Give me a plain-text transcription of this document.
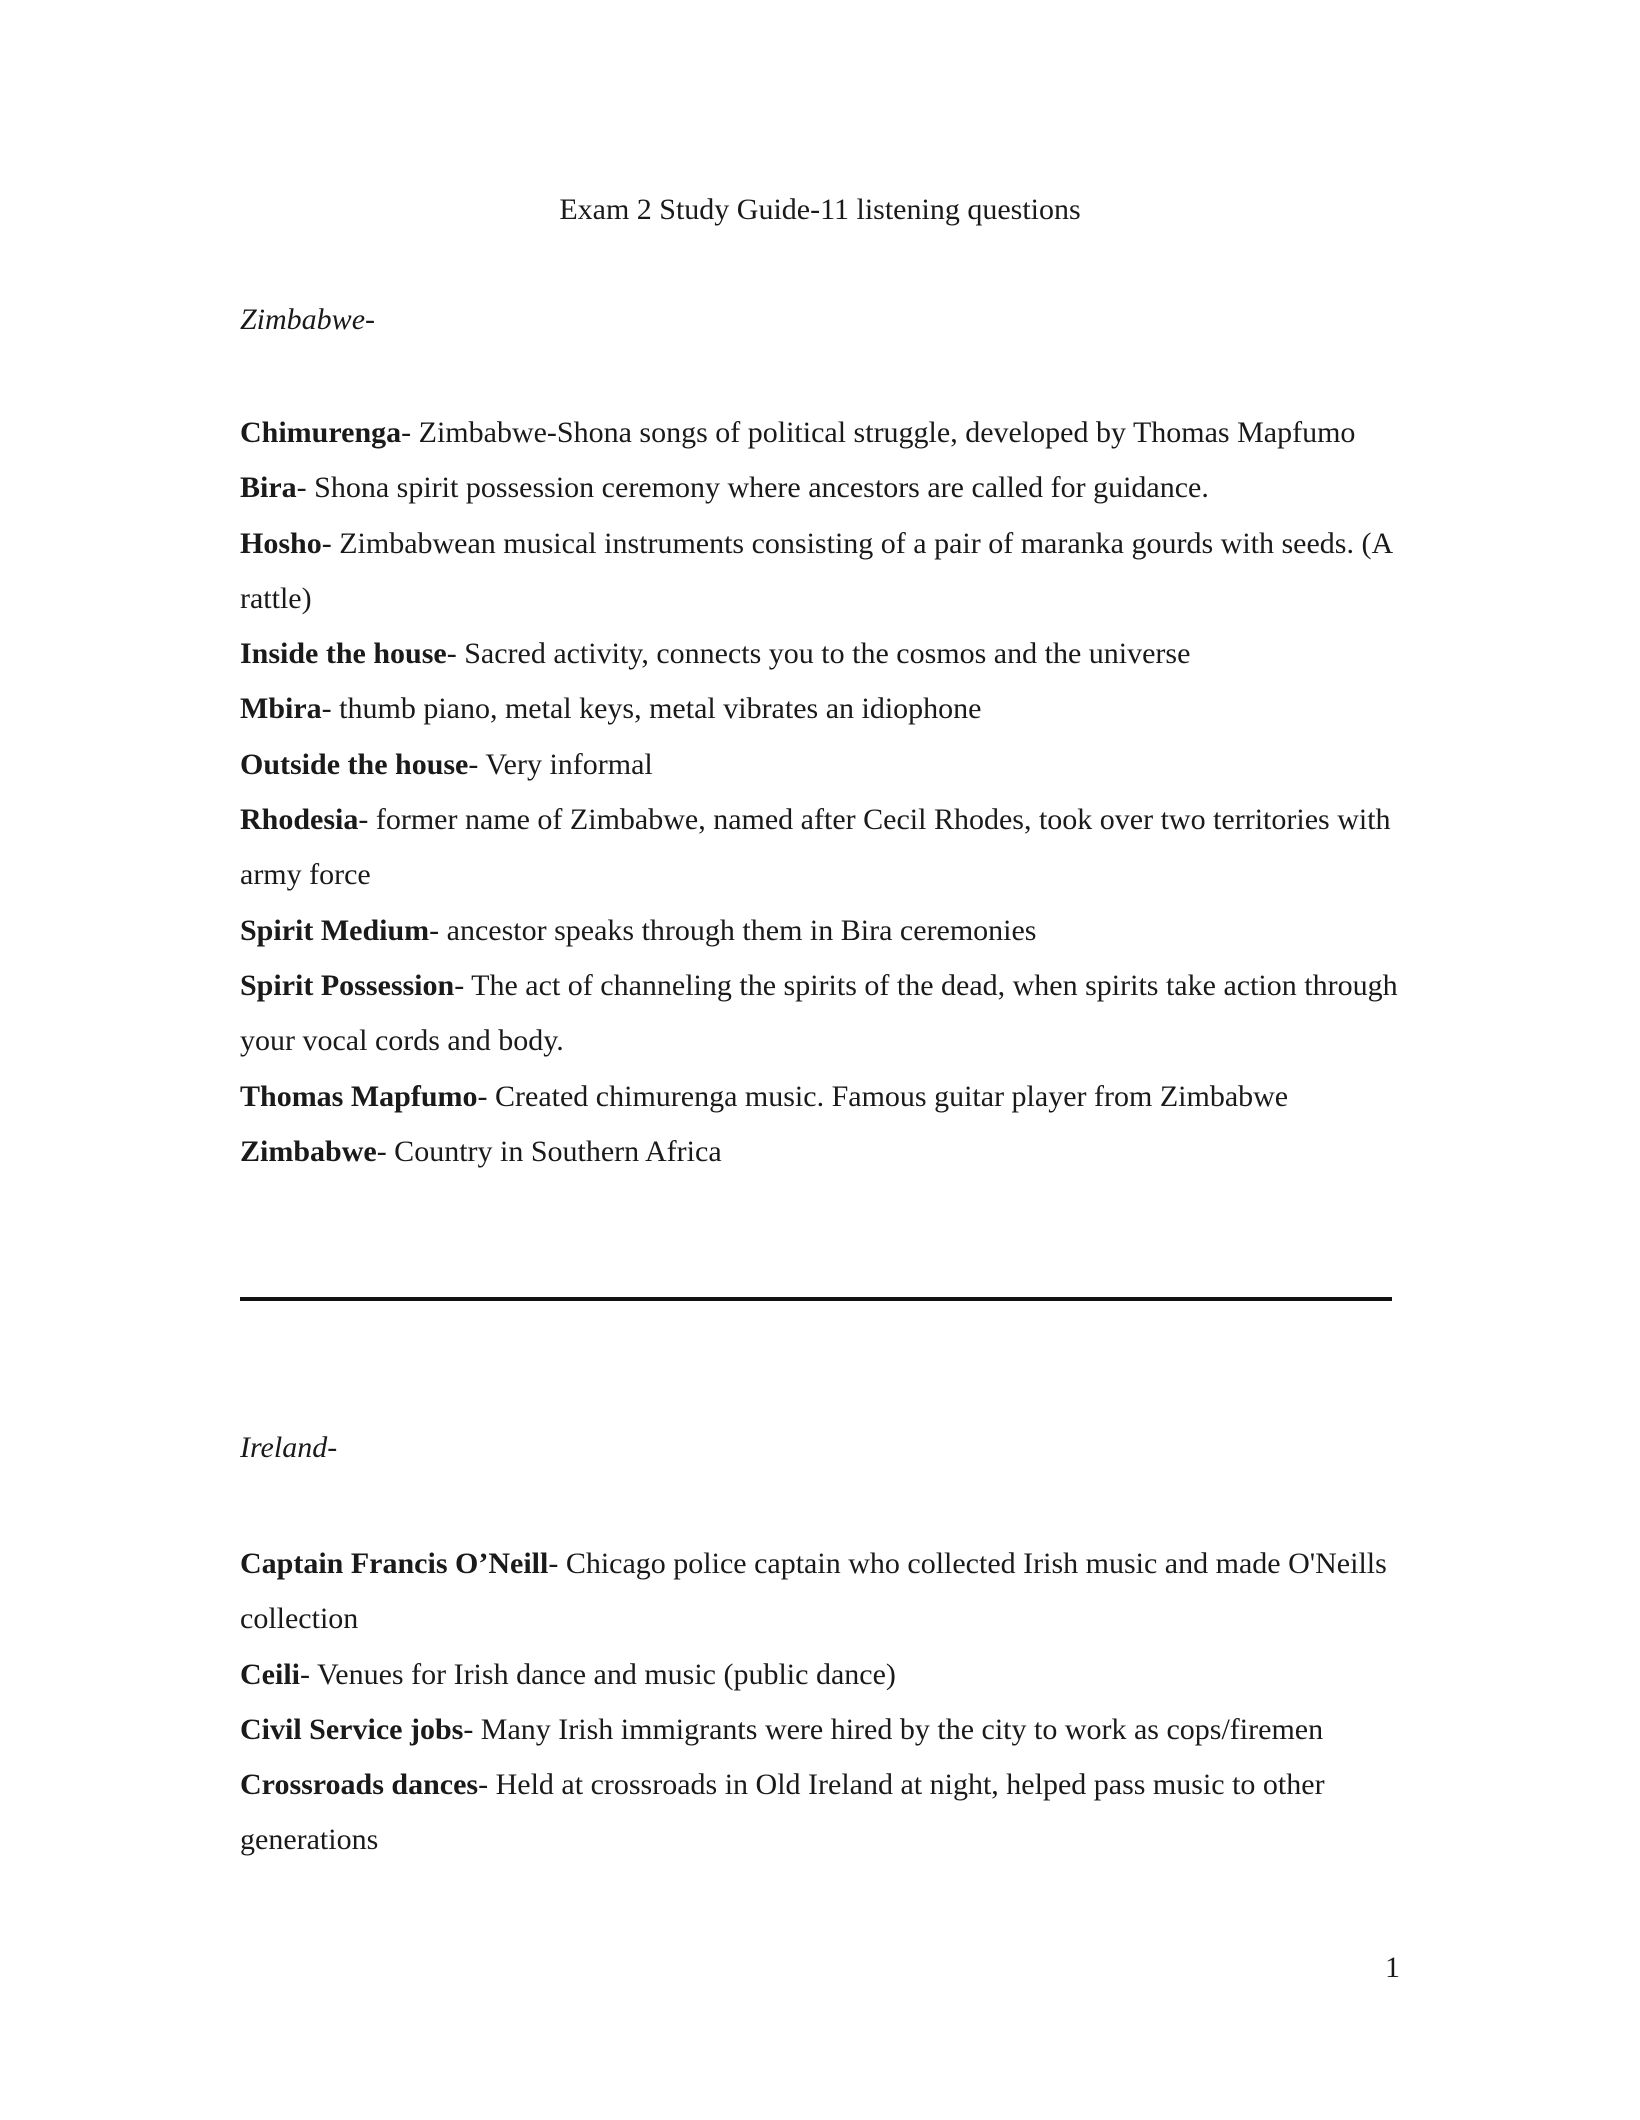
Exam 2 Study Guide-11 listening questions
Zimbabwe-

Chimurenga- Zimbabwe-Shona songs of political struggle, developed by Thomas Mapfumo

Bira- Shona spirit possession ceremony where ancestors are called for guidance.

Hosho- Zimbabwean musical instruments consisting of a pair of maranka gourds with seeds. (A rattle)

Inside the house- Sacred activity, connects you to the cosmos and the universe

Mbira- thumb piano, metal keys, metal vibrates an idiophone

Outside the house- Very informal

Rhodesia- former name of Zimbabwe, named after Cecil Rhodes, took over two territories with army force

Spirit Medium- ancestor speaks through them in Bira ceremonies

Spirit Possession- The act of channeling the spirits of the dead, when spirits take action through your vocal cords and body.

Thomas Mapfumo- Created chimurenga music. Famous guitar player from Zimbabwe

Zimbabwe- Country in Southern Africa

Ireland-

Captain Francis O’Neill- Chicago police captain who collected Irish music and made O'Neills collection

Ceili- Venues for Irish dance and music (public dance)

Civil Service jobs- Many Irish immigrants were hired by the city to work as cops/firemen

Crossroads dances- Held at crossroads in Old Ireland at night, helped pass music to other generations

1
